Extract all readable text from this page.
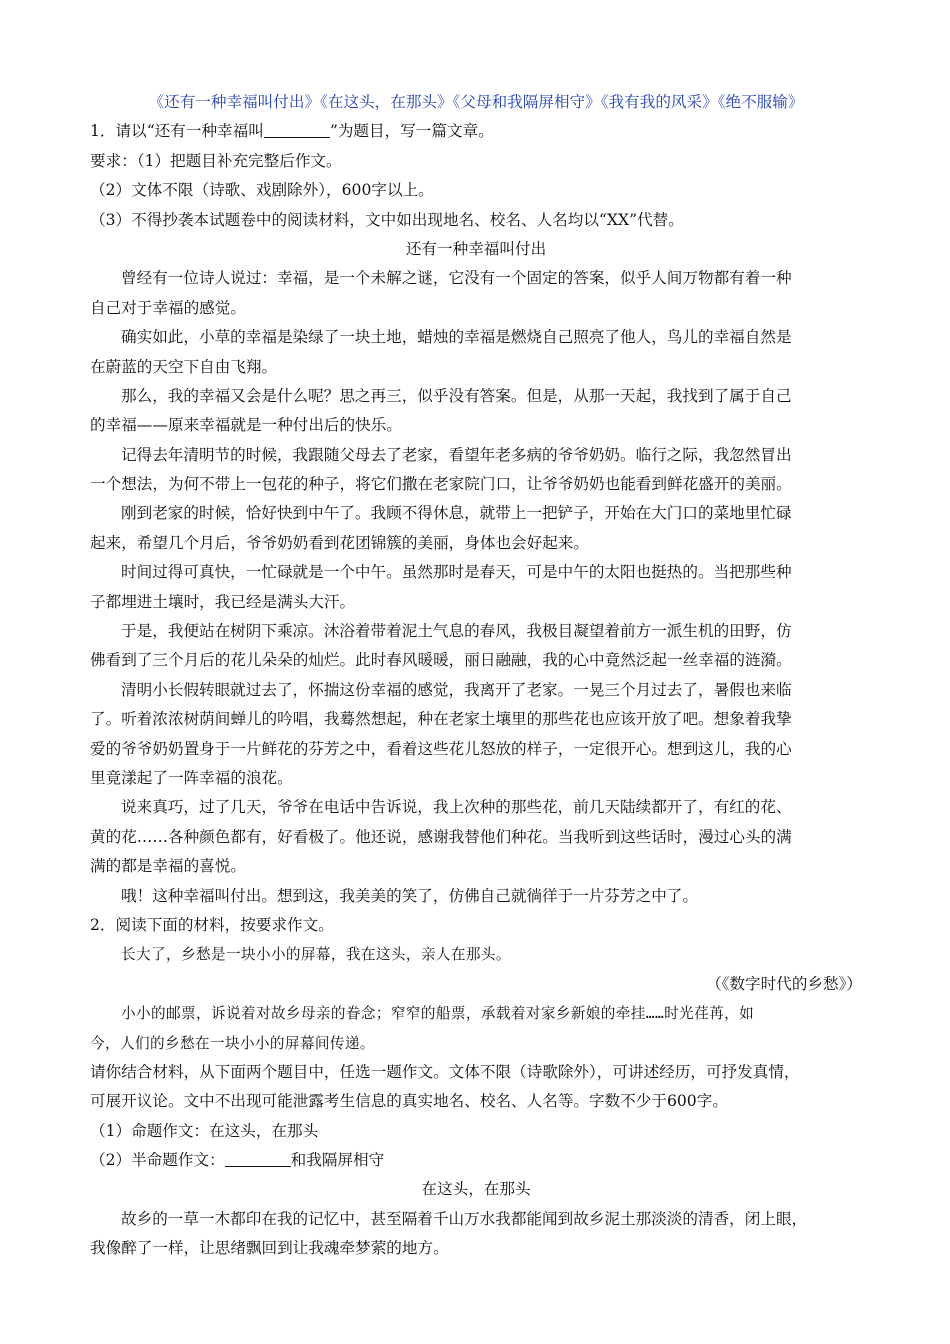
《还有一种幸福叫付出》《在这头，在那头》《父母和我隔屏相守》《我有我的风采》《绝不服输》
1．请以“还有一种幸福叫	”为题目，写一篇文章。
要求：（1）把题目补充完整后作文。
（2）文体不限（诗歌、戏剧除外），600字以上。
（3）不得抄袭本试题卷中的阅读材料，文中如出现地名、校名、人名均以“XX”代替。
还有一种幸福叫付出
曾经有一位诗人说过：幸福，是一个未解之谜，它没有一个固定的答案，似乎人间万物都有着一种
自己对于幸福的感觉。
确实如此，小草的幸福是染绿了一块土地，蜡烛的幸福是燃烧自己照亮了他人，鸟儿的幸福自然是
在蔚蓝的天空下自由飞翔。
那么，我的幸福又会是什么呢？思之再三，似乎没有答案。但是，从那一天起，我找到了属于自己
的幸福——原来幸福就是一种付出后的快乐。
记得去年清明节的时候，我跟随父母去了老家，看望年老多病的爷爷奶奶。临行之际，我忽然冒出
一个想法，为何不带上一包花的种子，将它们撒在老家院门口，让爷爷奶奶也能看到鲜花盛开的美丽。
刚到老家的时候，恰好快到中午了。我顾不得休息，就带上一把铲子，开始在大门口的菜地里忙碌
起来，希望几个月后，爷爷奶奶看到花团锦簇的美丽，身体也会好起来。
时间过得可真快，一忙碌就是一个中午。虽然那时是春天，可是中午的太阳也挺热的。当把那些种
子都埋进土壤时，我已经是满头大汗。
于是，我便站在树阴下乘凉。沐浴着带着泥土气息的春风，我极目凝望着前方一派生机的田野，仿
佛看到了三个月后的花儿朵朵的灿烂。此时春风暖暖，丽日融融，我的心中竟然泛起一丝幸福的涟漪。
清明小长假转眼就过去了，怀揣这份幸福的感觉，我离开了老家。一晃三个月过去了，暑假也来临
了。听着浓浓树荫间蝉儿的吟唱，我蓦然想起，种在老家土壤里的那些花也应该开放了吧。想象着我挚
爱的爷爷奶奶置身于一片鲜花的芬芳之中，看着这些花儿怒放的样子，一定很开心。想到这儿，我的心
里竟漾起了一阵幸福的浪花。
说来真巧，过了几天，爷爷在电话中告诉说，我上次种的那些花，前几天陆续都开了，有红的花、
黄的花……各种颜色都有，好看极了。他还说，感谢我替他们种花。当我听到这些话时，漫过心头的满
满的都是幸福的喜悦。
哦！这种幸福叫付出。想到这，我美美的笑了，仿佛自己就徜徉于一片芬芳之中了。
2．阅读下面的材料，按要求作文。
长大了，乡愁是一块小小的屏幕，我在这头，亲人在那头。
（《数字时代的乡愁》）
小小的邮票，诉说着对故乡母亲的眷念；窄窄的船票，承载着对家乡新娘的牵挂……时光荏苒，如
今，人们的乡愁在一块小小的屏幕间传递。
请你结合材料，从下面两个题目中，任选一题作文。文体不限（诗歌除外），可讲述经历，可抒发真情，
可展开议论。文中不出现可能泄露考生信息的真实地名、校名、人名等。字数不少于600字。
（1）命题作文：在这头，在那头
（2）半命题作文：	和我隔屏相守
在这头，在那头
故乡的一草一木都印在我的记忆中，甚至隔着千山万水我都能闻到故乡泥土那淡淡的清香，闭上眼，
我像醉了一样，让思绪飘回到让我魂牵梦萦的地方。
